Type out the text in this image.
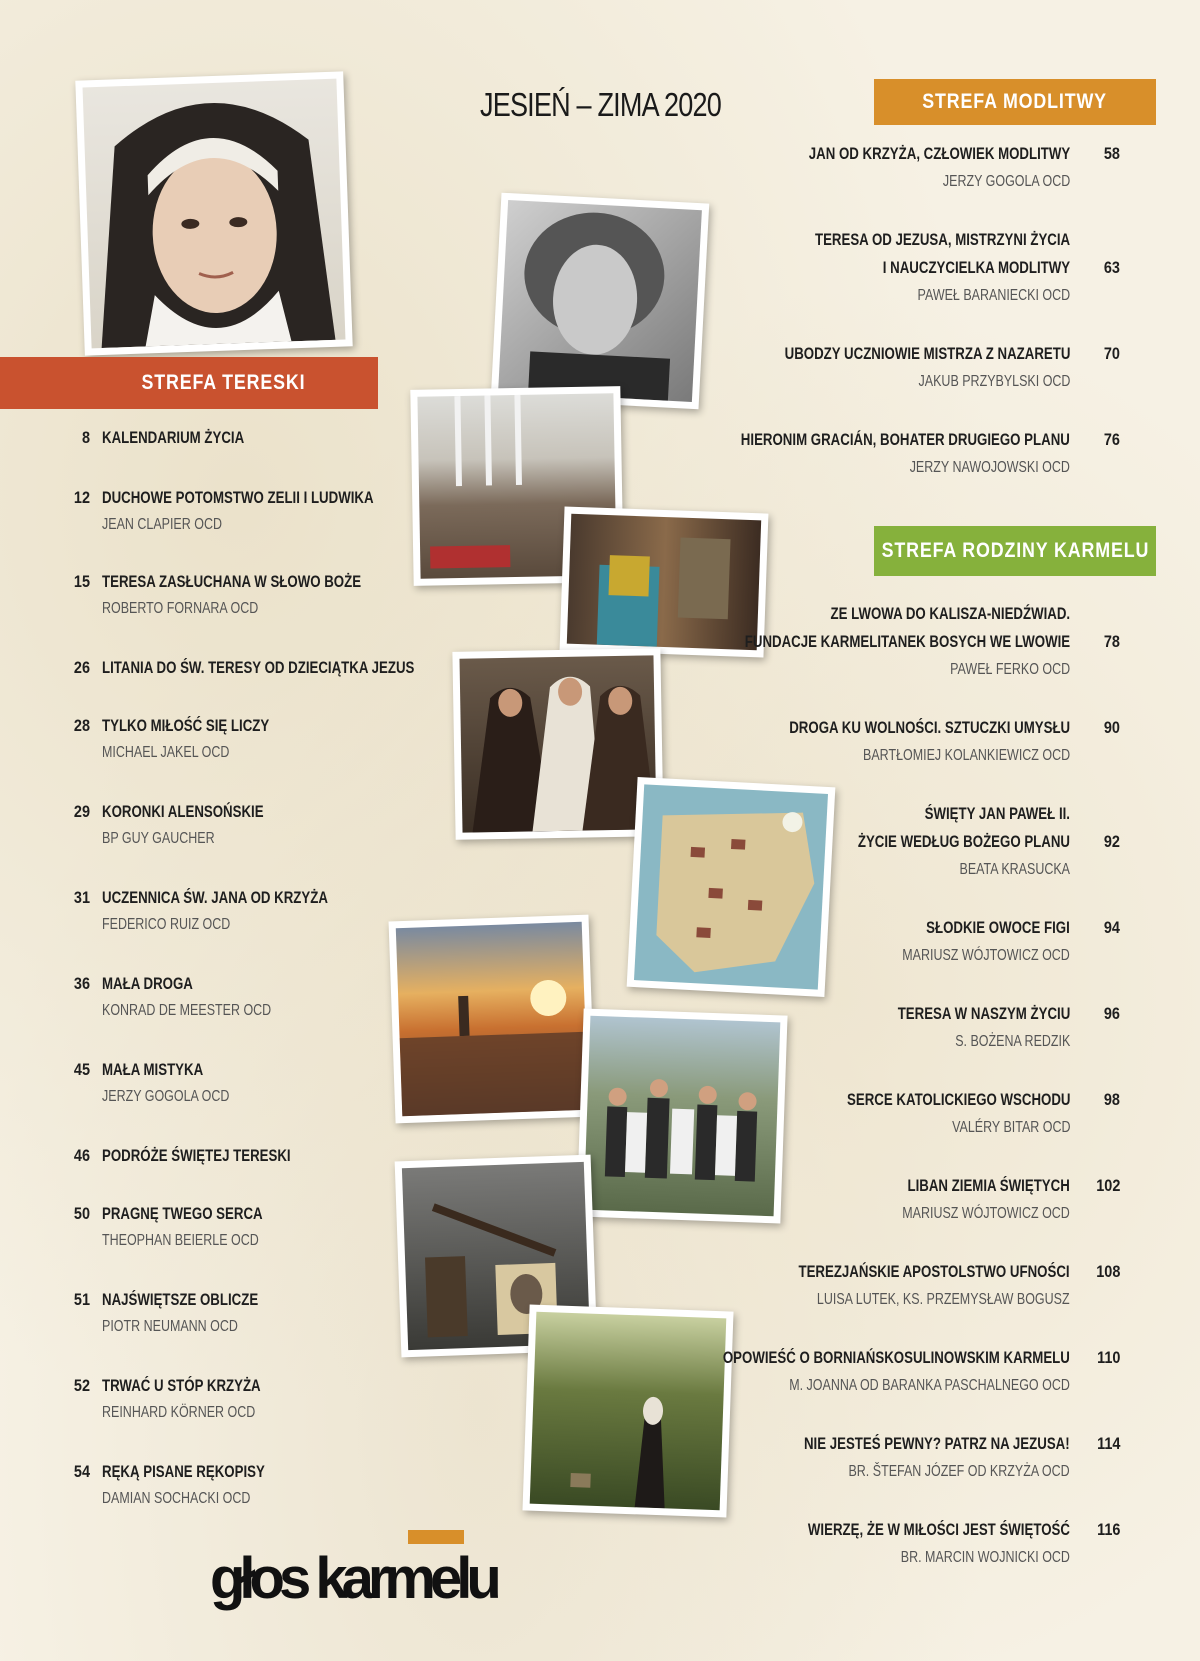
JESIEŃ – ZIMA 2020	STREFA MODLITWY
STREFA RODZINY KARMELU
STREFA TERESKI
8 KALENDARIUM ŻYCIA
12 DUCHOWE POTOMSTWO ZELII I LUDWIKA
JEAN CLAPIER OCD
15 TERESA ZASŁUCHANA W SŁOWO BOŻE
ROBERTO FORNARA OCD
26 LITANIA DO ŚW. TERESY OD DZIECIĄTKA JEZUS
28 TYLKO MIŁOŚĆ SIĘ LICZY
MICHAEL JAKEL OCD
29 KORONKI ALENSOŃSKIE
BP GUY GAUCHER
31 UCZENNICA ŚW. JANA OD KRZYŻA
FEDERICO RUIZ OCD
36 MAŁA DROGA
KONRAD DE MEESTER OCD
45 MAŁA MISTYKA
JERZY GOGOLA OCD
46 PODRÓŻE ŚWIĘTEJ TERESKI
50 PRAGNĘ TWEGO SERCA
THEOPHAN BEIERLE OCD
51 NAJŚWIĘTSZE OBLICZE
PIOTR NEUMANN OCD
52 TRWAĆ U STÓP KRZYŻA
REINHARD KÖRNER OCD
54 RĘKĄ PISANE RĘKOPISY
DAMIAN SOCHACKI OCD
JAN OD KRZYŻA, CZŁOWIEK MODLITWY
JERZY GOGOLA OCD
58
TERESA OD JEZUSA, MISTRZYNI ŻYCIA
I NAUCZYCIELKA MODLITWY
PAWEŁ BARANIECKI OCD
63
UBODZY UCZNIOWIE MISTRZA Z NAZARETU
JAKUB PRZYBYLSKI OCD
70
HIERONIM GRACIÁN, BOHATER DRUGIEGO PLANU
JERZY NAWOJOWSKI OCD
76
ZE LWOWA DO KALISZA-NIEDŹWIAD.
FUNDACJE KARMELITANEK BOSYCH WE LWOWIE
PAWEŁ FERKO OCD
78
DROGA KU WOLNOŚCI. SZTUCZKI UMYSŁU
BARTŁOMIEJ KOLANKIEWICZ OCD
90
ŚWIĘTY JAN PAWEŁ II.
ŻYCIE WEDŁUG BOŻEGO PLANU
BEATA KRASUCKA
92
SŁODKIE OWOCE FIGI
MARIUSZ WÓJTOWICZ OCD
94
TERESA W NASZYM ŻYCIU
S. BOŻENA REDZIK
96
SERCE KATOLICKIEGO WSCHODU
VALÉRY BITAR OCD
98
LIBAN ZIEMIA ŚWIĘTYCH
MARIUSZ WÓJTOWICZ OCD
102
TEREZJAŃSKIE APOSTOLSTWO UFNOŚCI
LUISA LUTEK, KS. PRZEMYSŁAW BOGUSZ
108
OPOWIEŚĆ O BORNIAŃSKOSULINOWSKIM KARMELU
M. JOANNA OD BARANKA PASCHALNEGO OCD
110
NIE JESTEŚ PEWNY? PATRZ NA JEZUSA!
BR. ŠTEFAN JÓZEF OD KRZYŻA OCD
114
WIERZĘ, ŻE W MIŁOŚCI JEST ŚWIĘTOŚĆ
BR. MARCIN WOJNICKI OCD
116
głos karmelu
